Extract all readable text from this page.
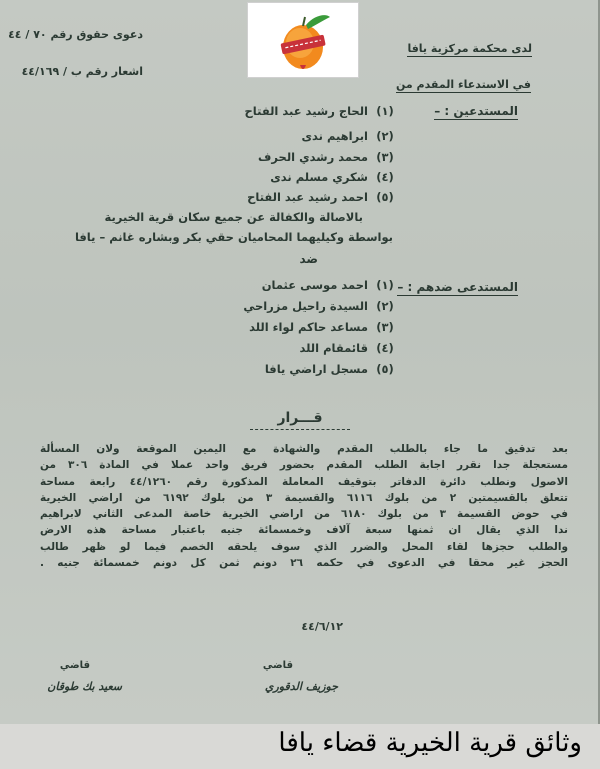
دعوى حقوق رقم ٧٠ / ٤٤
اشعار رقم ب / ٤٤/١٦٩
لدى محكمة مركزية يافا
في الاستدعاء المقدم من
المستدعين : –
(١) الحاج رشيد عبد الفتاح
(٢) ابراهيم ندى
(٣) محمد رشدي الحرف
(٤) شكري مسلم ندى
(٥) احمد رشيد عبد الفتاح
بالاصالة والكفالة عن جميع سكان قرية الخيرية
بواسطة وكيليهما المحاميان حقي بكر وبشاره غانم – يافا
ضد
المستدعى ضدهم : –
(١) احمد موسى عثمان
(٢) السيدة راحيل مزراحي
(٣) مساعد حاكم لواء اللد
(٤) قائمقام اللد
(٥) مسجل اراضي يافا
قـــرار
بعد تدقيق ما جاء بالطلب المقدم والشهادة مع اليمين الموقعة ولان المسألة
مستعجلة جدا نقرر اجابة الطلب المقدم بحضور فريق واحد عملا في المادة ٣٠٦ من
الاصول ونطلب دائرة الدفاتر بتوقيف المعاملة المذكورة رقم ٤٤/١٢٦٠ رابعة مساحة
تتعلق بالقسيمتين ٢ من بلوك ٦١١٦ والقسيمة ٣ من بلوك ٦١٩٢ من اراضي الخيرية
في حوض القسيمة ٣ من بلوك ٦١٨٠ من اراضي الخيرية خاصة المدعى الثاني لابراهيم
ندا الذي يقال ان ثمنها سبعة آلاف وخمسمائة جنيه باعتبار مساحة هذه الارض
والطلب حجزها لقاء المحل والضرر الذي سوف يلحقه الخصم فيما لو ظهر طالب
الحجز غير محقا في الدعوى في حكمه ٢٦ دونم ثمن كل دونم خمسمائة جنيه .
٤٤/٦/١٢
قاضي
جوزيف الدقوري
قاضي
سعيد بك طوقان
وثائق قرية الخيرية قضاء يافا
